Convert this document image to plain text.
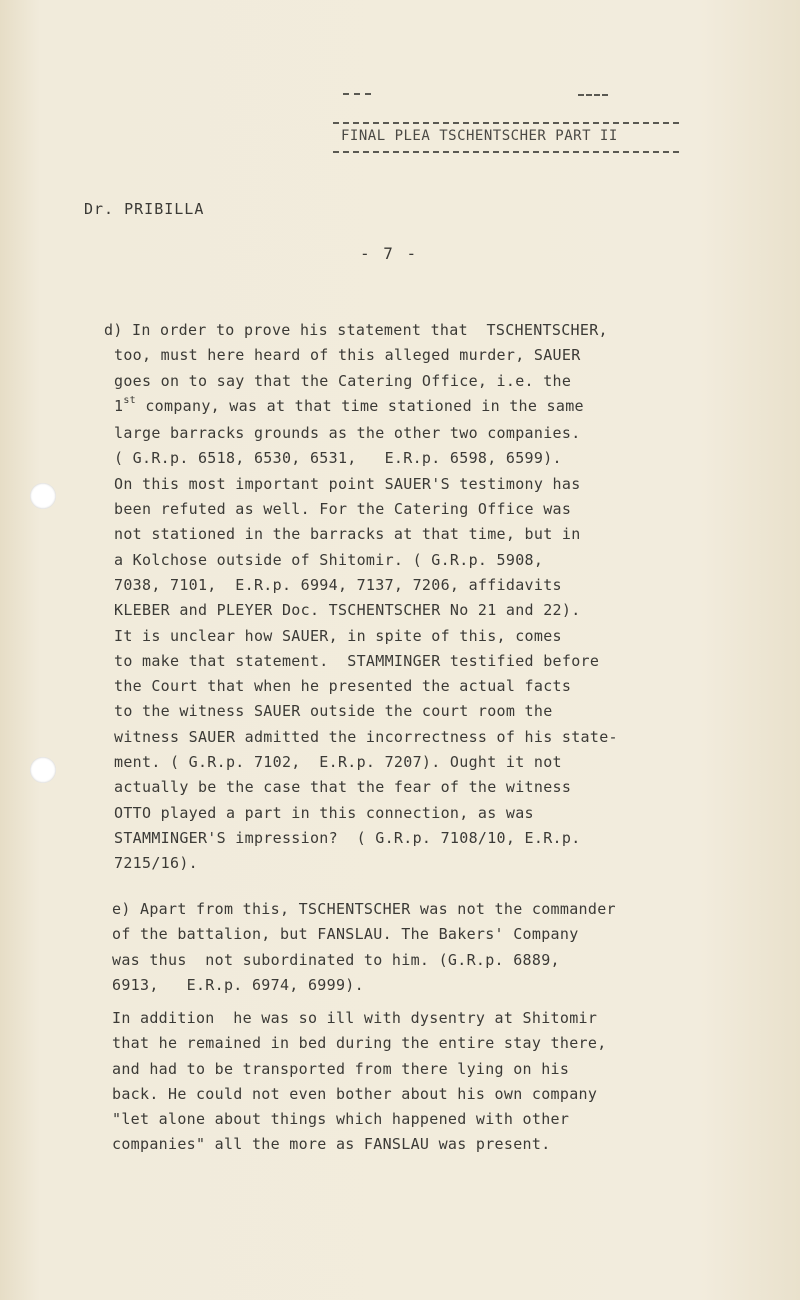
FINAL PLEA TSCHENTSCHER PART II
Dr. PRIBILLA
- 7 -
d) In order to prove his statement that  TSCHENTSCHER,
too, must here heard of this alleged murder, SAUER
goes on to say that the Catering Office, i.e. the
1st company, was at that time stationed in the same
large barracks grounds as the other two companies.
( G.R.p. 6518, 6530, 6531,   E.R.p. 6598, 6599).
On this most important point SAUER'S testimony has
been refuted as well. For the Catering Office was
not stationed in the barracks at that time, but in
a Kolchose outside of Shitomir. ( G.R.p. 5908,
7038, 7101,  E.R.p. 6994, 7137, 7206, affidavits
KLEBER and PLEYER Doc. TSCHENTSCHER No 21 and 22).
It is unclear how SAUER, in spite of this, comes
to make that statement.  STAMMINGER testified before
the Court that when he presented the actual facts
to the witness SAUER outside the court room the
witness SAUER admitted the incorrectness of his state-
ment. ( G.R.p. 7102,  E.R.p. 7207). Ought it not
actually be the case that the fear of the witness
OTTO played a part in this connection, as was
STAMMINGER'S impression?  ( G.R.p. 7108/10, E.R.p.
7215/16).
e) Apart from this, TSCHENTSCHER was not the commander
of the battalion, but FANSLAU. The Bakers' Company
was thus  not subordinated to him. (G.R.p. 6889,
6913,   E.R.p. 6974, 6999).
In addition  he was so ill with dysentry at Shitomir
that he remained in bed during the entire stay there,
and had to be transported from there lying on his
back. He could not even bother about his own company
"let alone about things which happened with other
companies" all the more as FANSLAU was present.
